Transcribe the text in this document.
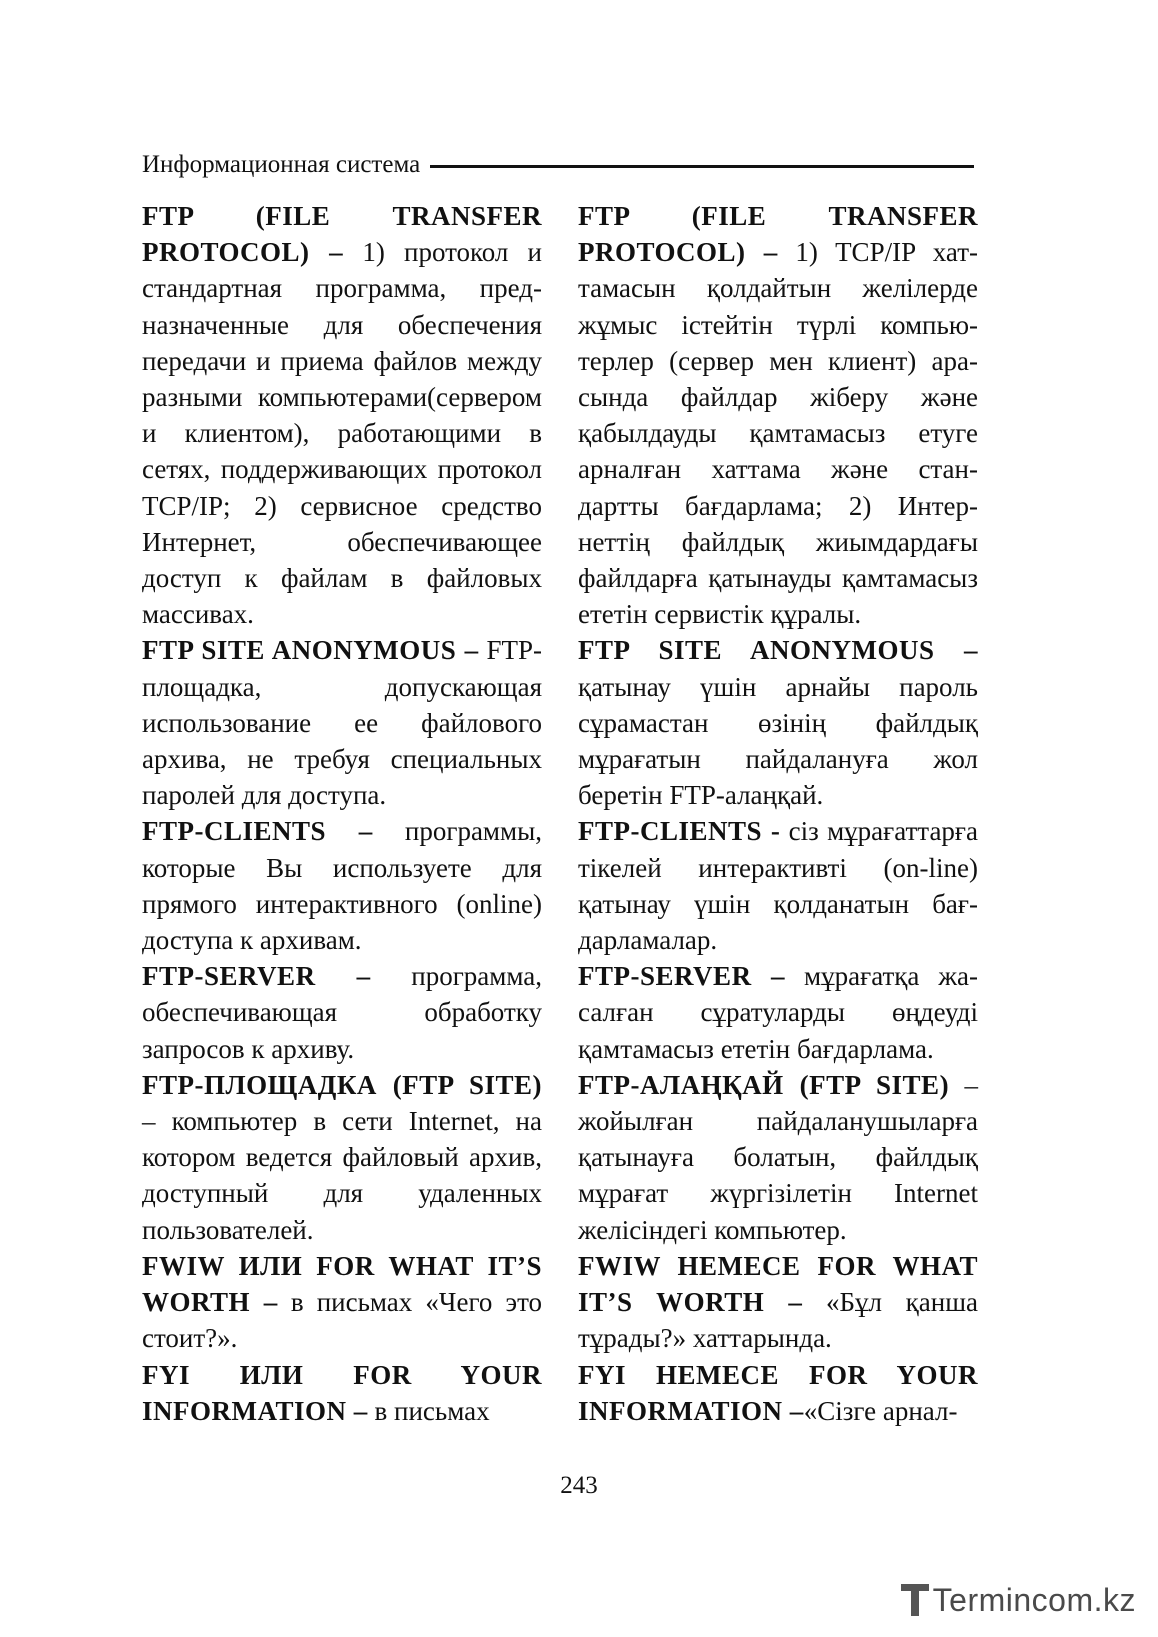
Информационная система

FTP (FILE TRANSFER PROTOCOL) – 1) протокол и стандартная программа, предназначенные для обеспечения передачи и приема файлов между разными компьютерами(сервером и клиентом), работающими в сетях, поддерживающих протокол TCP/IP; 2) сервисное средство Интернет, обеспечивающее доступ к файлам в файловых массивах.

FTP SITE ANONYMOUS – FTP-площадка, допускающая использование ее файлового архива, не требуя специальных паролей для доступа.

FTP-CLIENTS – программы, которые Вы используете для прямого интерактивного (online) доступа к архивам.

FTP-SERVER – программа, обеспечивающая обработку запросов к архиву.

FTP-ПЛОЩАДКА (FTP SITE) – компьютер в сети Internet, на котором ведется файловый архив, доступный для удаленных пользователей.

FWIW ИЛИ FOR WHAT IT’S WORTH – в письмах «Чего это стоит?».

FYI ИЛИ FOR YOUR INFORMATION – в письмах

FTP (FILE TRANSFER PROTOCOL) – 1) TCP/IP хаттамасын қолдайтын желілерде жұмыс істейтін түрлі компьютерлер (сервер мен клиент) арасында файлдар жіберу және қабылдауды қамтамасыз етуге арналған хаттама және стандартты бағдарлама; 2) Интернеттің файлдық жиымдардағы файлдарға қатынауды қамтамасыз ететін сервистік құралы.

FTP SITE ANONYMOUS – қатынау үшін арнайы пароль сұрамастан өзінің файлдық мұрағатын пайдалануға жол беретін FTP-алаңқай.

FTP-CLIENTS - сіз мұрағаттарға тікелей интерактивті (on-line) қатынау үшін қолданатын бағдарламалар.

FTP-SERVER – мұрағатқа жасалған сұратуларды өңдеуді қамтамасыз ететін бағдарлама.

FTP-АЛАҢҚАЙ (FTP SITE) – жойылған пайдаланушыларға қатынауға болатын, файлдық мұрағат жүргізілетін Internet желісіндегі компьютер.

FWIW НЕМЕСЕ FOR WHAT IT’S WORTH – «Бұл қанша тұрады?» хаттарында.

FYI НЕМЕСЕ FOR YOUR INFORMATION –«Сізге арнал-

243
Termincom.kz
